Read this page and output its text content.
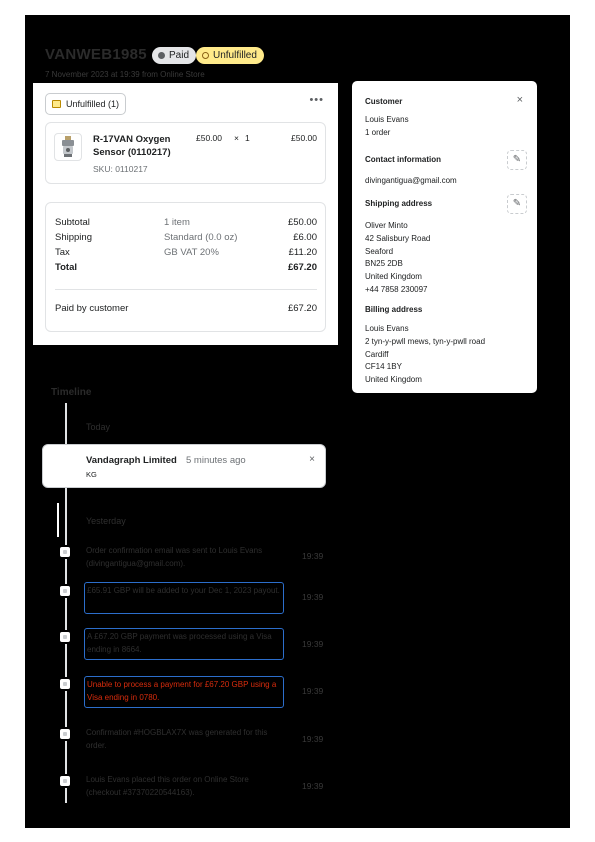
VANWEB1985	Paid	Unfulfilled
7 November 2023 at 19:39 from Online Store
Unfulfilled (1)	•••
R-17VAN Oxygen Sensor (0110217)
SKU: 0110217
£50.00 × 1	£50.00
Subtotal	1 item	£50.00
Shipping	Standard (0.0 oz)	£6.00
Tax	GB VAT 20%	£11.20
Total	£67.20
Paid by customer	£67.20
Customer	×
Louis Evans
1 order
Contact information	✎
divingantigua@gmail.com
Shipping address	✎
Oliver Minto
42 Salisbury Road
Seaford
BN25 2DB
United Kingdom
+44 7858 230097
Billing address
Louis Evans
2 tyn-y-pwll mews, tyn-y-pwll road
Cardiff
CF14 1BY
United Kingdom
Timeline
Today
Vandagraph Limited 5 minutes ago
KG
×
Yesterday
Order confirmation email was sent to Louis Evans (divingantigua@gmail.com).
19:39
£65.91 GBP will be added to your Dec 1, 2023 payout.
19:39
A £67.20 GBP payment was processed using a Visa ending in 8664.
19:39
Unable to process a payment for £67.20 GBP using a Visa ending in 0780.
19:39
Confirmation #HOGBLAX7X was generated for this order.
19:39
Louis Evans placed this order on Online Store (checkout #37370220544163).
19:39
